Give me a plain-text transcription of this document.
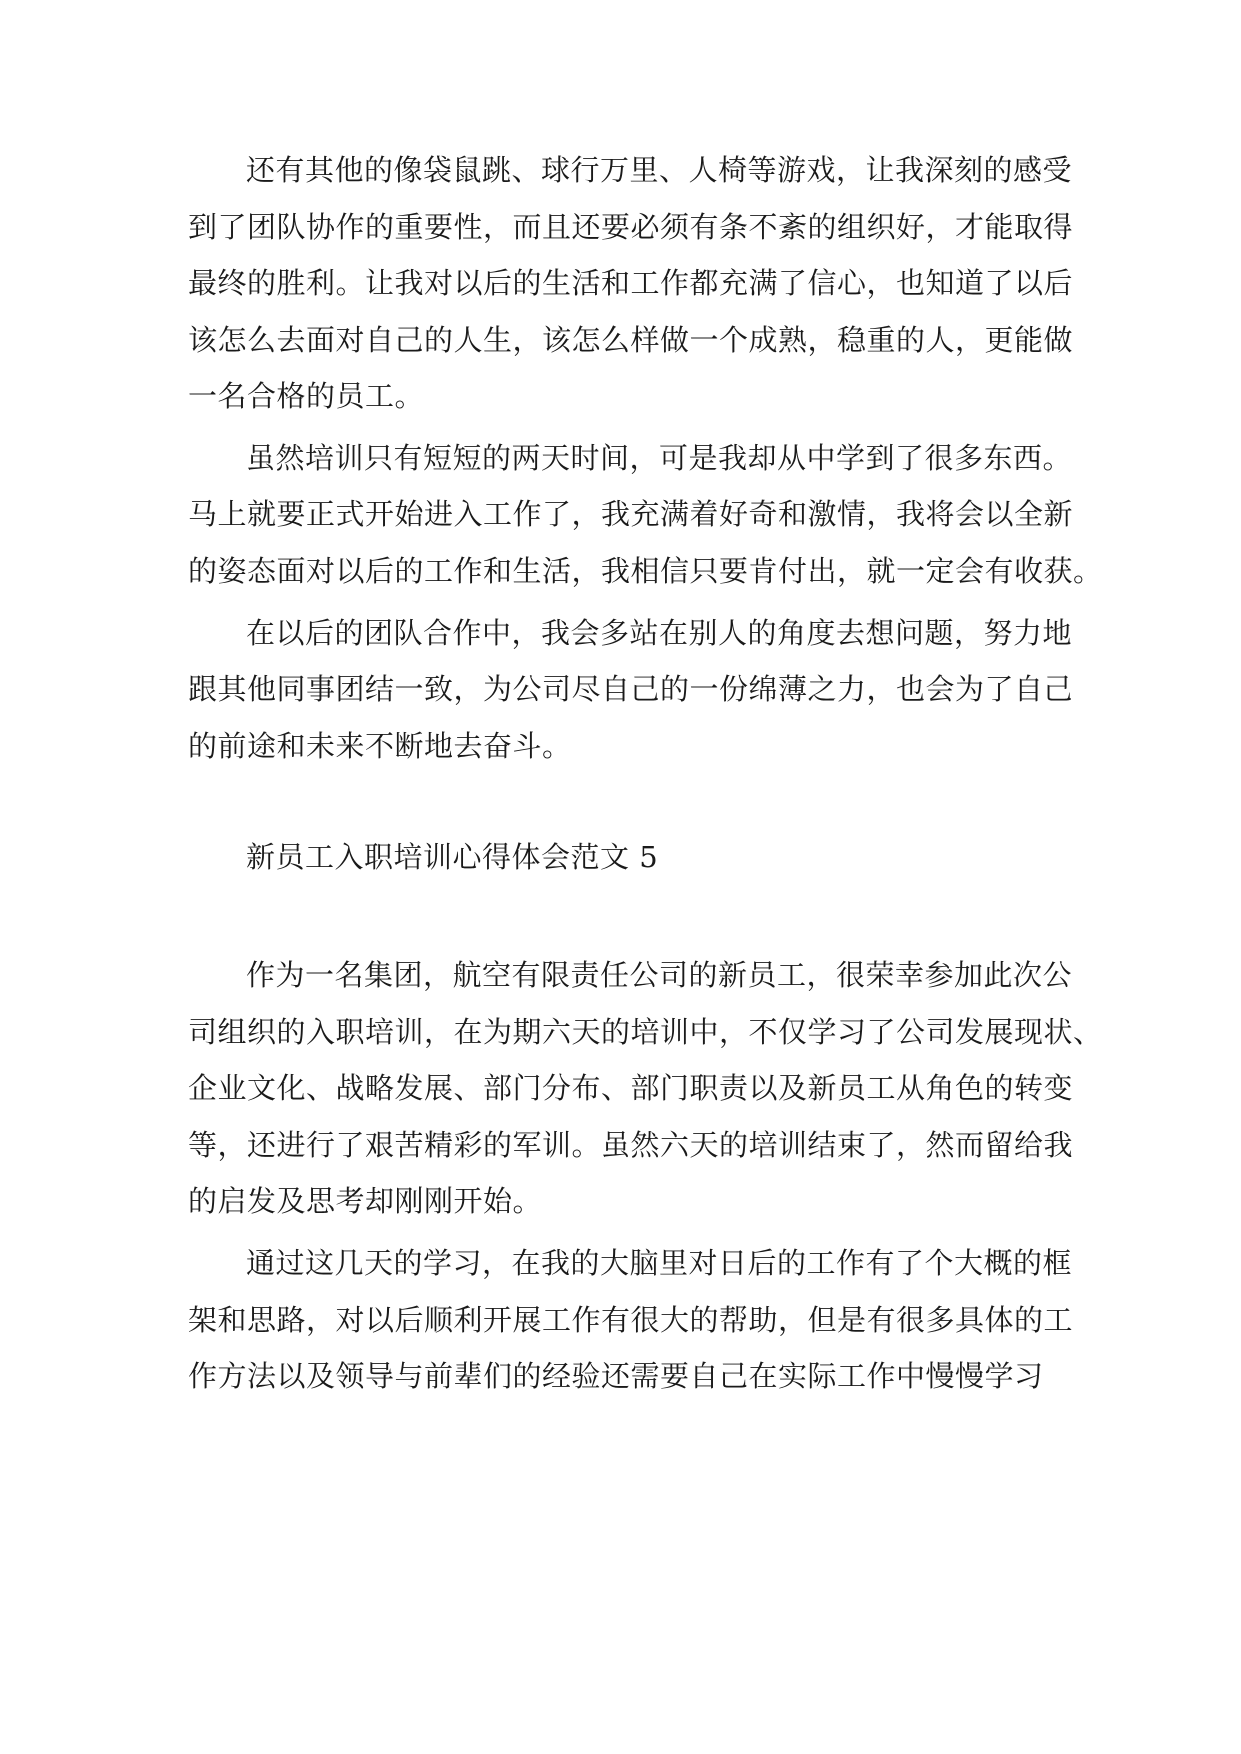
还有其他的像袋鼠跳、球行万里、人椅等游戏，让我深刻的感受
到了团队协作的重要性，而且还要必须有条不紊的组织好，才能取得
最终的胜利。让我对以后的生活和工作都充满了信心，也知道了以后
该怎么去面对自己的人生，该怎么样做一个成熟，稳重的人，更能做
一名合格的员工。
虽然培训只有短短的两天时间，可是我却从中学到了很多东西。
马上就要正式开始进入工作了，我充满着好奇和激情，我将会以全新
的姿态面对以后的工作和生活，我相信只要肯付出，就一定会有收获。
在以后的团队合作中，我会多站在别人的角度去想问题，努力地
跟其他同事团结一致，为公司尽自己的一份绵薄之力，也会为了自己
的前途和未来不断地去奋斗。
新员工入职培训心得体会范文 5
作为一名集团，航空有限责任公司的新员工，很荣幸参加此次公
司组织的入职培训，在为期六天的培训中，不仅学习了公司发展现状、
企业文化、战略发展、部门分布、部门职责以及新员工从角色的转变
等，还进行了艰苦精彩的军训。虽然六天的培训结束了，然而留给我
的启发及思考却刚刚开始。
通过这几天的学习，在我的大脑里对日后的工作有了个大概的框
架和思路，对以后顺利开展工作有很大的帮助，但是有很多具体的工
作方法以及领导与前辈们的经验还需要自己在实际工作中慢慢学习
